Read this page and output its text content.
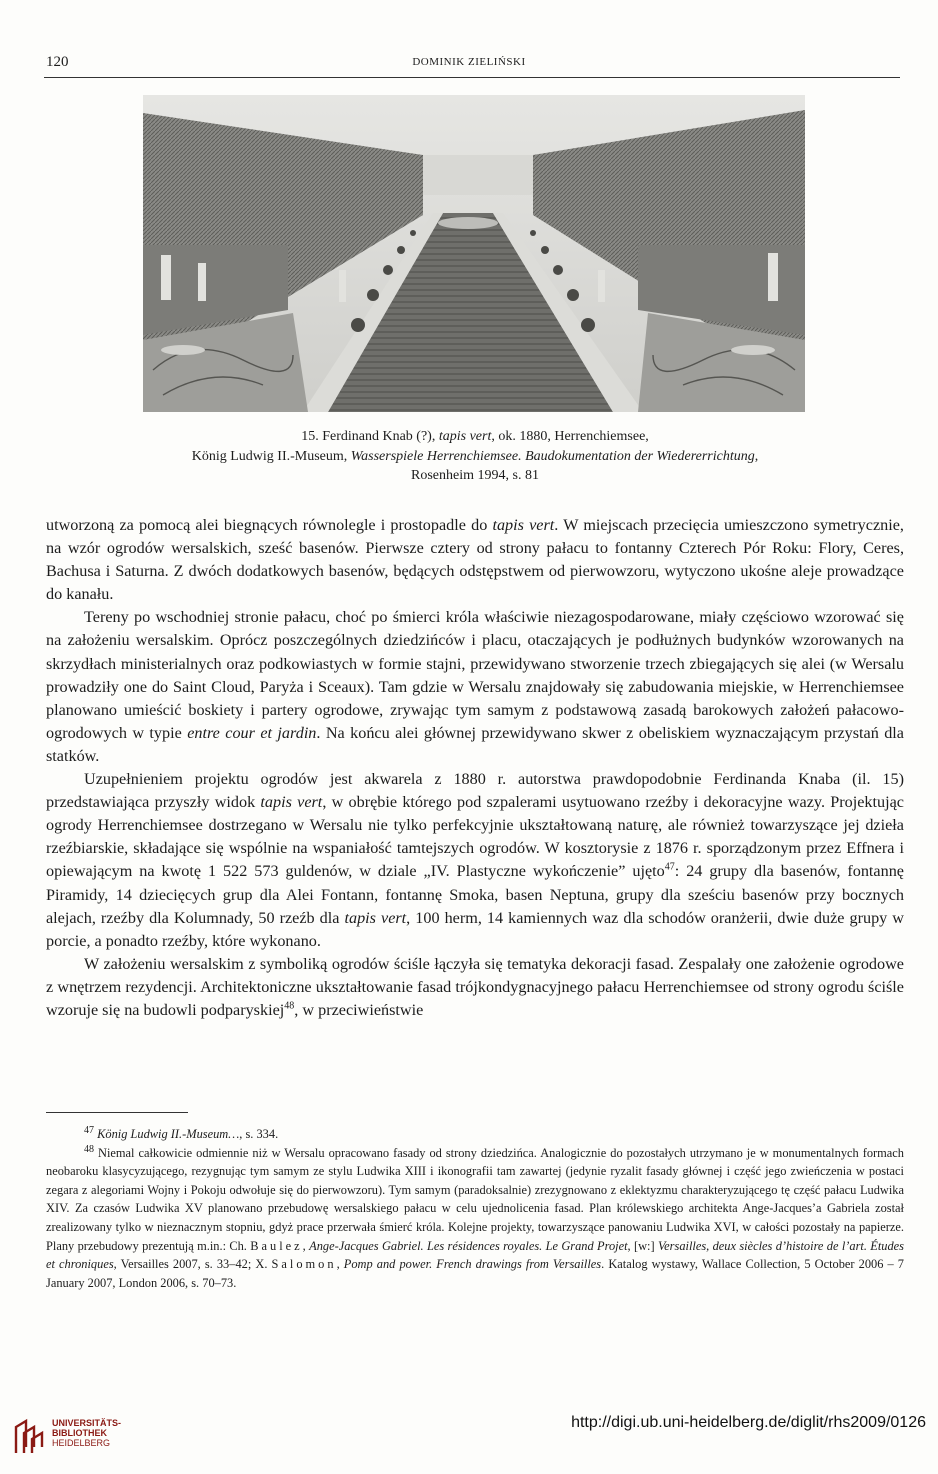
120	DOMINIK ZIELIŃSKI
15. Ferdinand Knab (?), tapis vert, ok. 1880, Herrenchiemsee,
König Ludwig II.-Museum, Wasserspiele Herrenchiemsee. Baudokumentation der Wiedererrichtung,
Rosenheim 1994, s. 81

utworzoną za pomocą alei biegnących równolegle i prostopadle do tapis vert. W miejscach przecięcia umieszczono symetrycznie, na wzór ogrodów wersalskich, sześć basenów. Pierwsze cztery od strony pałacu to fontanny Czterech Pór Roku: Flory, Ceres, Bachusa i Saturna. Z dwóch dodatkowych basenów, będących odstępstwem od pierwowzoru, wytyczono ukośne aleje prowadzące do kanału.

Tereny po wschodniej stronie pałacu, choć po śmierci króla właściwie niezagospodarowane, miały częściowo wzorować się na założeniu wersalskim. Oprócz poszczególnych dziedzińców i placu, otaczających je podłużnych budynków wzorowanych na skrzydłach ministerialnych oraz podkowiastych w formie stajni, przewidywano stworzenie trzech zbiegających się alei (w Wersalu prowadziły one do Saint Cloud, Paryża i Sceaux). Tam gdzie w Wersalu znajdowały się zabudowania miejskie, w Herrenchiemsee planowano umieścić boskiety i partery ogrodowe, zrywając tym samym z podstawową zasadą barokowych założeń pałacowo-ogrodowych w typie entre cour et jardin. Na końcu alei głównej przewidywano skwer z obeliskiem wyznaczającym przystań dla statków.

Uzupełnieniem projektu ogrodów jest akwarela z 1880 r. autorstwa prawdopodobnie Ferdinanda Knaba (il. 15) przedstawiająca przyszły widok tapis vert, w obrębie którego pod szpalerami usytuowano rzeźby i dekoracyjne wazy. Projektując ogrody Herrenchiemsee dostrzegano w Wersalu nie tylko perfekcyjnie ukształtowaną naturę, ale również towarzyszące jej dzieła rzeźbiarskie, składające się wspólnie na wspaniałość tamtejszych ogrodów. W kosztorysie z 1876 r. sporządzonym przez Effnera i opiewającym na kwotę 1 522 573 guldenów, w dziale „IV. Plastyczne wykończenie” ujęto$^{47}$: 24 grupy dla basenów, fontannę Piramidy, 14 dziecięcych grup dla Alei Fontann, fontannę Smoka, basen Neptuna, grupy dla sześciu basenów przy bocznych alejach, rzeźby dla Kolumnady, 50 rzeźb dla tapis vert, 100 herm, 14 kamiennych waz dla schodów oranżerii, dwie duże grupy w porcie, a ponadto rzeźby, które wykonano.

W założeniu wersalskim z symboliką ogrodów ściśle łączyła się tematyka dekoracji fasad. Zespalały one założenie ogrodowe z wnętrzem rezydencji. Architektoniczne ukształtowanie fasad trójkondygnacyjnego pałacu Herrenchiemsee od strony ogrodu ściśle wzoruje się na budowli podparyskiej$^{48}$, w przeciwieństwie

$^{47}$ König Ludwig II.-Museum…, s. 334.

$^{48}$ Niemal całkowicie odmiennie niż w Wersalu opracowano fasady od strony dziedzińca. Analogicznie do pozostałych utrzymano je w monumentalnych formach neobaroku klasycyzującego, rezygnując tym samym ze stylu Ludwika XIII i ikonografii tam zawartej (jedynie ryzalit fasady głównej i część jego zwieńczenia w postaci zegara z alegoriami Wojny i Pokoju odwołuje się do pierwowzoru). Tym samym (paradoksalnie) zrezygnowano z eklektyzmu charakteryzującego tę część pałacu Ludwika XIV. Za czasów Ludwika XV planowano przebudowę wersalskiego pałacu w celu ujednolicenia fasad. Plan królewskiego architekta Ange-Jacques’a Gabriela został zrealizowany tylko w nieznacznym stopniu, gdyż prace przerwała śmierć króla. Kolejne projekty, towarzyszące panowaniu Ludwika XVI, w całości pozostały na papierze. Plany przebudowy prezentują m.in.: Ch. Baulez, Ange-Jacques Gabriel. Les résidences royales. Le Grand Projet, [w:] Versailles, deux siècles d’histoire de l’art. Études et chroniques, Versailles 2007, s. 33–42; X. Salomon, Pomp and power. French drawings from Versailles. Katalog wystawy, Wallace Collection, 5 October 2006 – 7 January 2007, London 2006, s. 70–73.

UNIVERSITÄTS-
BIBLIOTHEK
HEIDELBERG
http://digi.ub.uni-heidelberg.de/diglit/rhs2009/0126
